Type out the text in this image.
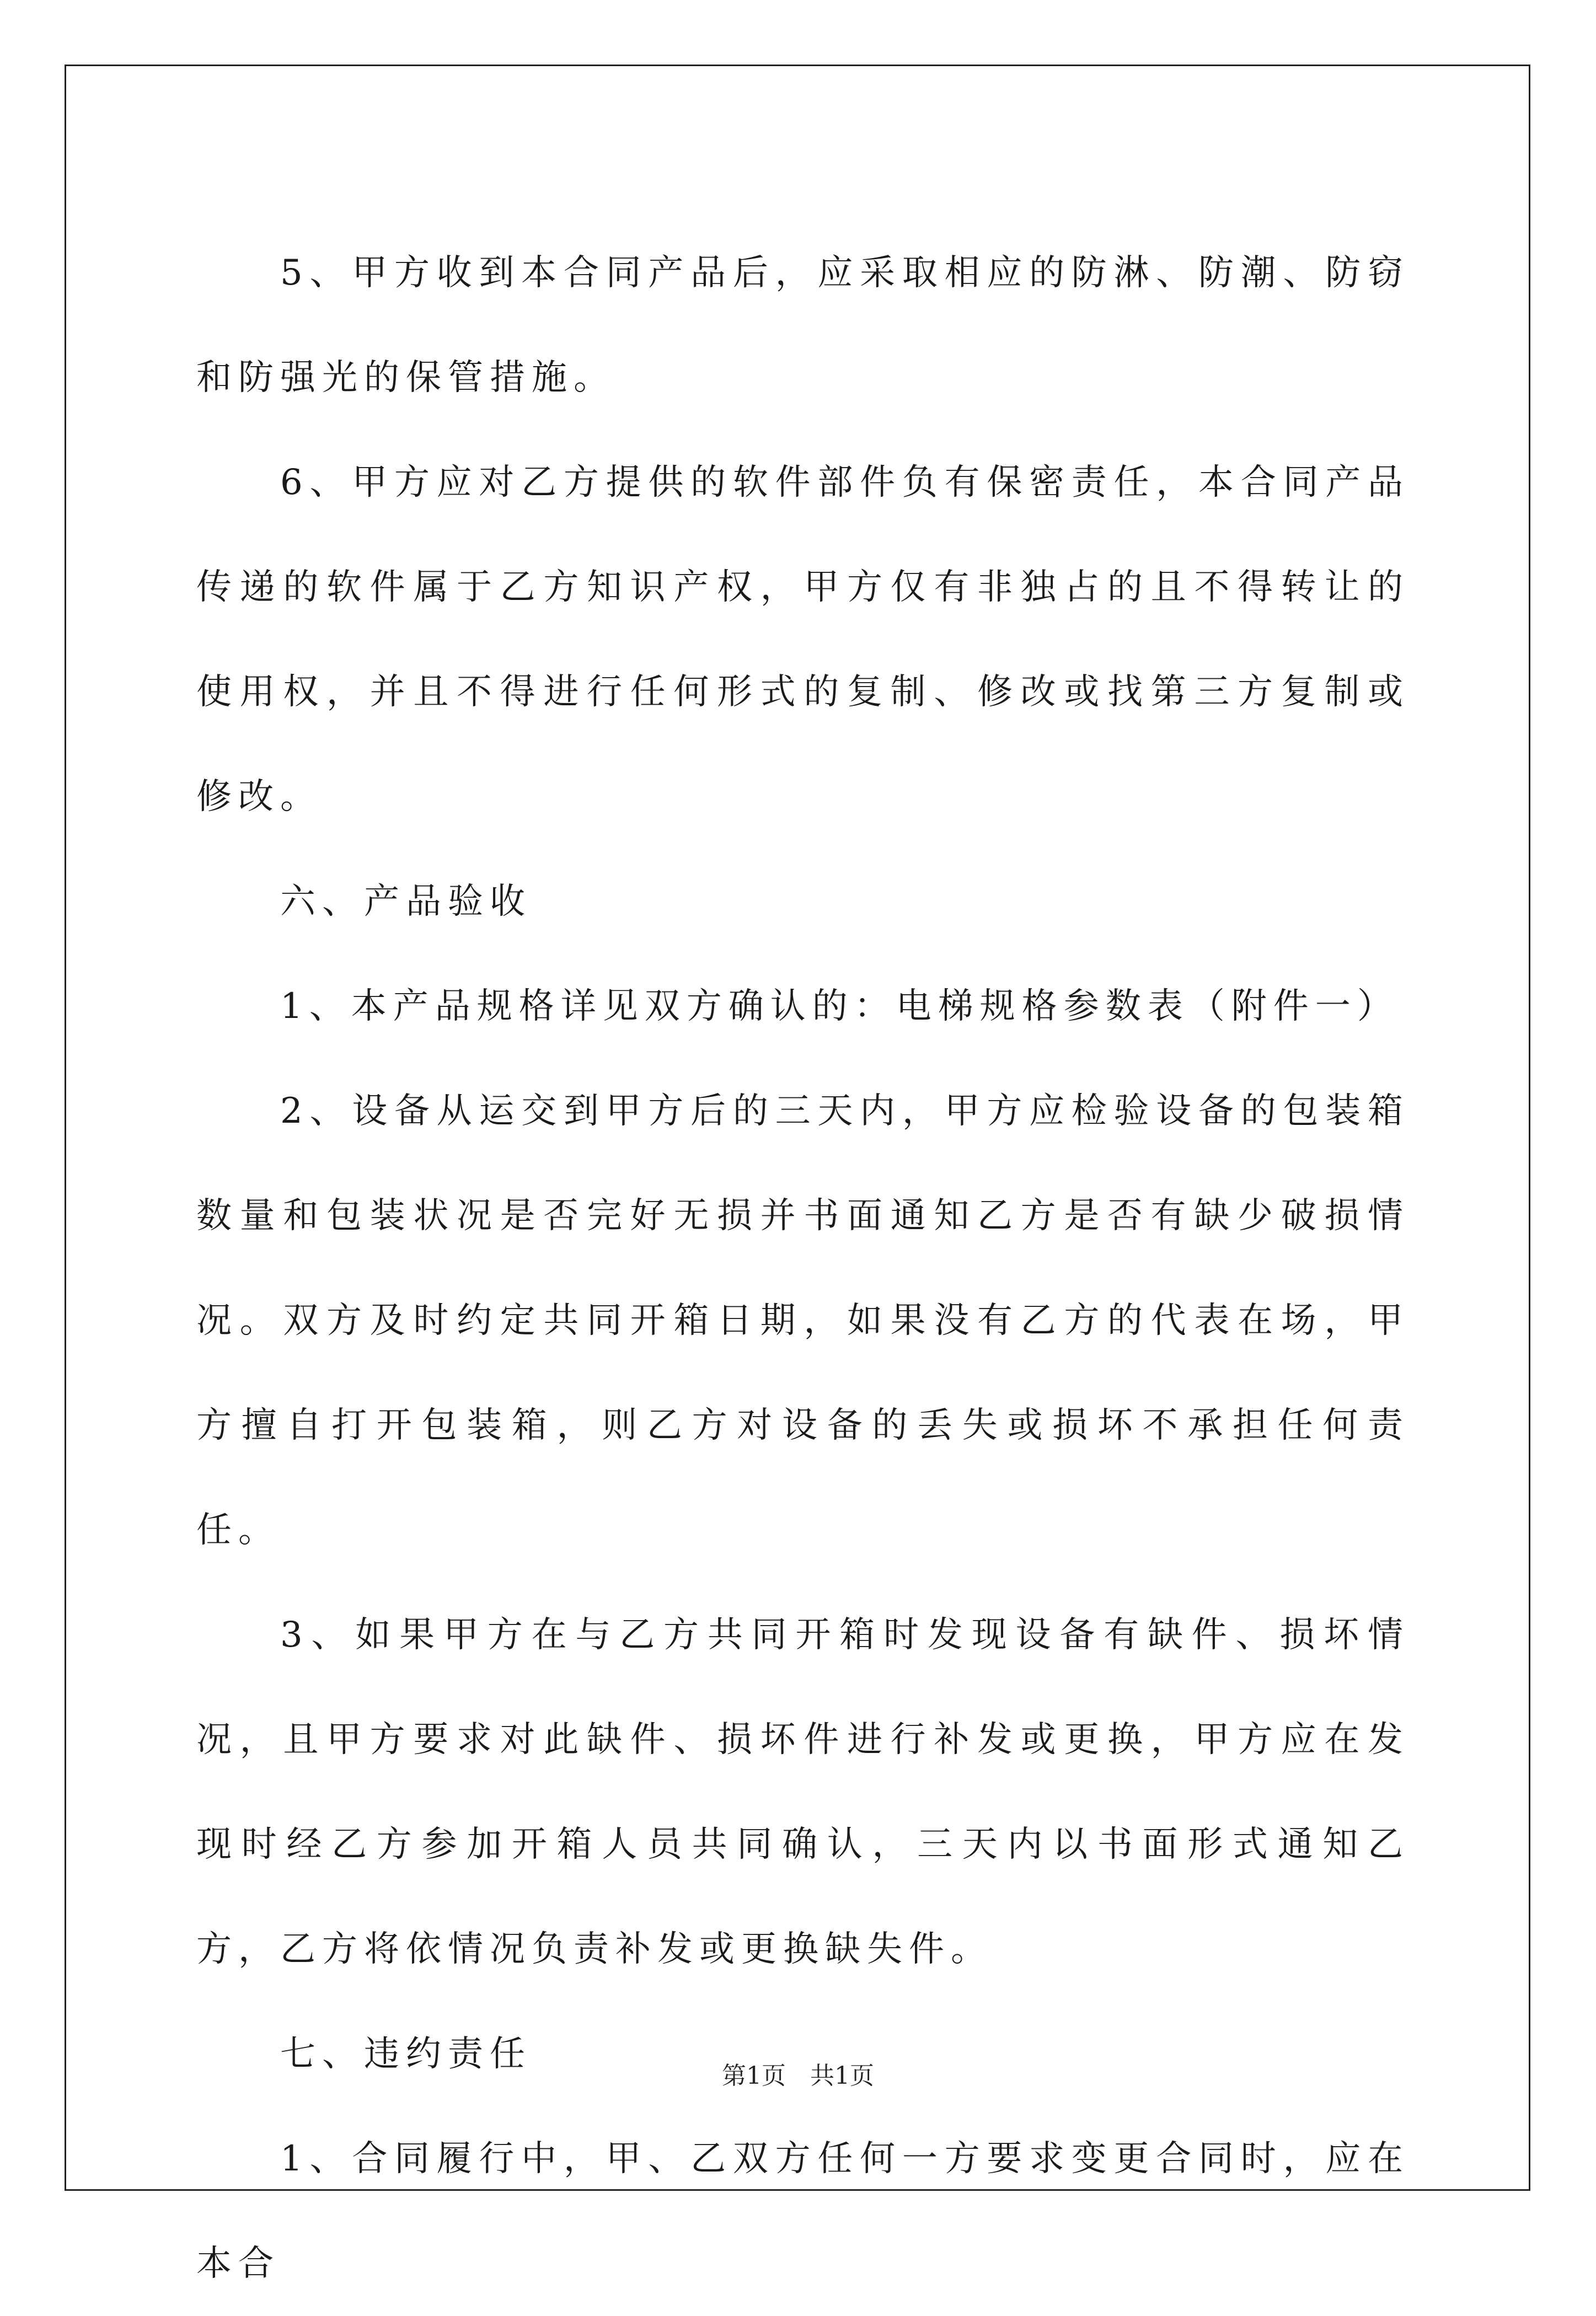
5、甲方收到本合同产品后，应采取相应的防淋、防潮、防窃和防强光的保管措施。

6、甲方应对乙方提供的软件部件负有保密责任，本合同产品传递的软件属于乙方知识产权，甲方仅有非独占的且不得转让的使用权，并且不得进行任何形式的复制、修改或找第三方复制或修改。

六、产品验收

1、本产品规格详见双方确认的：电梯规格参数表（附件一）

2、设备从运交到甲方后的三天内，甲方应检验设备的包装箱数量和包装状况是否完好无损并书面通知乙方是否有缺少破损情况。双方及时约定共同开箱日期，如果没有乙方的代表在场，甲方擅自打开包装箱，则乙方对设备的丢失或损坏不承担任何责任。

3、如果甲方在与乙方共同开箱时发现设备有缺件、损坏情况，且甲方要求对此缺件、损坏件进行补发或更换，甲方应在发现时经乙方参加开箱人员共同确认，三天内以书面形式通知乙方，乙方将依情况负责补发或更换缺失件。

七、违约责任

1、合同履行中，甲、乙双方任何一方要求变更合同时，应在本合

第1页 共1页
